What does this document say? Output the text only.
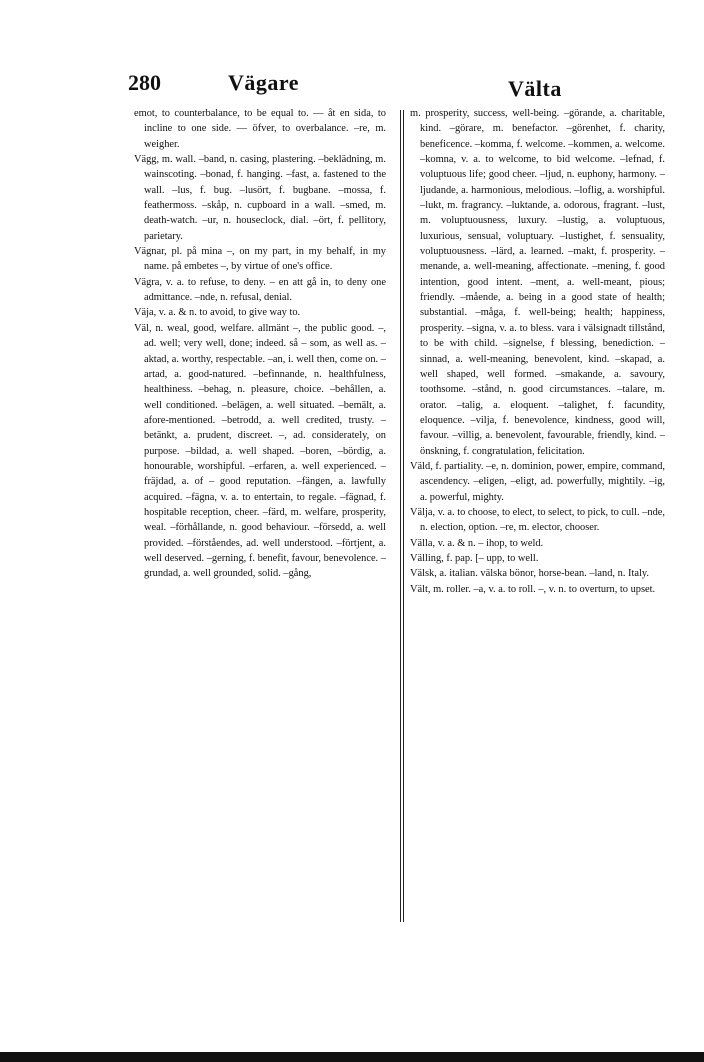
280	Vägare	Välta

emot, to counterbalance, to be equal to. — åt en sida, to incline to one side. — öfver, to overbalance. –re, m. weigher.

Vägg, m. wall. –band, n. casing, plastering. –beklädning, m. wainscoting. –bonad, f. hanging. –fast, a. fastened to the wall. –lus, f. bug. –lusört, f. bugbane. –mossa, f. feathermoss. –skåp, n. cupboard in a wall. –smed, m. death-watch. –ur, n. houseclock, dial. –ört, f. pellitory, parietary.

Vägnar, pl. på mina –, on my part, in my behalf, in my name. på embetes –, by virtue of one's office.

Vägra, v. a. to refuse, to deny. – en att gå in, to deny one admittance. –nde, n. refusal, denial.

Väja, v. a. & n. to avoid, to give way to.

Väl, n. weal, good, welfare. allmänt –, the public good. –, ad. well; very well, done; indeed. så – som, as well as. –aktad, a. worthy, respectable. –an, i. well then, come on. –artad, a. good-natured. –befinnande, n. healthfulness, healthiness. –behag, n. pleasure, choice. –behållen, a. well conditioned. –belägen, a. well situated. –bemält, a. afore-mentioned. –betrodd, a. well credited, trusty. –betänkt, a. prudent, discreet. –, ad. considerately, on purpose. –bildad, a. well shaped. –boren, –bördig, a. honourable, worshipful. –erfaren, a. well experienced. –fräjdad, a. of – good reputation. –fängen, a. lawfully acquired. –fägna, v. a. to entertain, to regale. –fägnad, f. hospitable reception, cheer. –färd, m. welfare, prosperity, weal. –förhållande, n. good behaviour. –försedd, a. well provided. –förståendes, ad. well understood. –förtjent, a. well deserved. –gerning, f. benefit, favour, benevolence. –grundad, a. well grounded, solid. –gång,

m. prosperity, success, well-being. –görande, a. charitable, kind. –görare, m. benefactor. –görenhet, f. charity, beneficence. –komma, f. welcome. –kommen, a. welcome. –komna, v. a. to welcome, to bid welcome. –lefnad, f. voluptuous life; good cheer. –ljud, n. euphony, harmony. –ljudande, a. harmonious, melodious. –loflig, a. worshipful. –lukt, m. fragrancy. –luktande, a. odorous, fragrant. –lust, m. voluptuousness, luxury. –lustig, a. voluptuous, luxurious, sensual, voluptuary. –lustighet, f. sensuality, voluptuousness. –lärd, a. learned. –makt, f. prosperity. –menande, a. well-meaning, affectionate. –mening, f. good intention, good intent. –ment, a. well-meant, pious; friendly. –mående, a. being in a good state of health; substantial. –måga, f. well-being; health; happiness, prosperity. –signa, v. a. to bless. vara i välsignadt tillstånd, to be with child. –signelse, f blessing, benediction. –sinnad, a. well-meaning, benevolent, kind. –skapad, a. well shaped, well formed. –smakande, a. savoury, toothsome. –stånd, n. good circumstances. –talare, m. orator. –talig, a. eloquent. –talighet, f. facundity, eloquence. –vilja, f. benevolence, kindness, good will, favour. –villig, a. benevolent, favourable, friendly, kind. –önskning, f. congratulation, felicitation.

Väld, f. partiality. –e, n. dominion, power, empire, command, ascendency. –eligen, –eligt, ad. powerfully, mightily. –ig, a. powerful, mighty.

Välja, v. a. to choose, to elect, to select, to pick, to cull. –nde, n. election, option. –re, m. elector, chooser.

Välla, v. a. & n. – ihop, to weld.

Välling, f. pap. [– upp, to well.

Välsk, a. italian. välska bönor, horse-bean. –land, n. Italy.

Vält, m. roller. –a, v. a. to roll. –, v. n. to overturn, to upset.
